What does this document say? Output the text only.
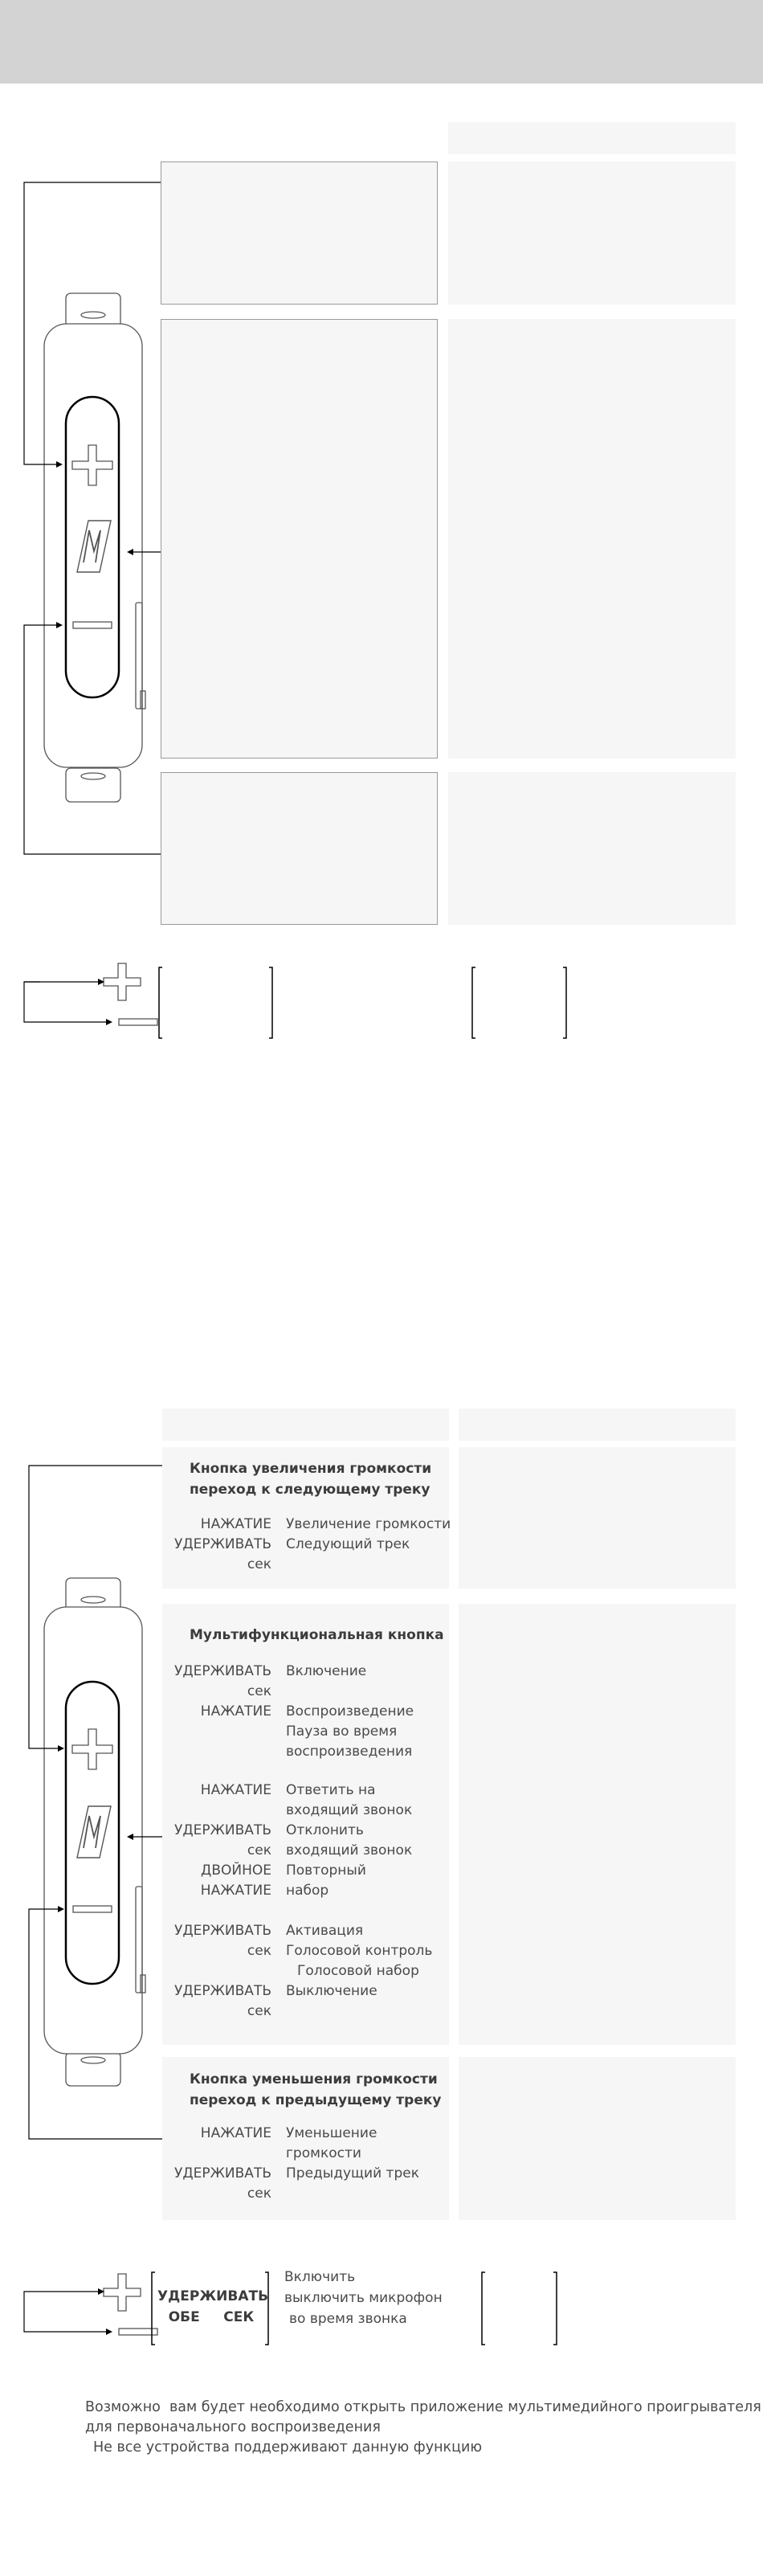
Кнопка увеличения громкости
переход к следующему треку
НАЖАТИЕ Увеличение громкости
УДЕРЖИВАТЬ
сек
Следующий трек
Мультифункциональная кнопка
УДЕРЖИВАТЬ
сек
Включение
НАЖАТИЕ Воспроизведение
Пауза во время
воспроизведения
НАЖАТИЕ Ответить на
входящий звонок
УДЕРЖИВАТЬ
сек
Отклонить
входящий звонок
ДВОЙНОЕ
НАЖАТИЕ
Повторный
набор
УДЕРЖИВАТЬ
сек
Активация
Голосовой контроль
Голосовой набор
УДЕРЖИВАТЬ
сек
Выключение
Кнопка уменьшения громкости
переход к предыдущему треку
НАЖАТИЕ Уменьшение
громкости
УДЕРЖИВАТЬ
сек
Предыдущий трек
УДЕРЖИВАТЬ
ОБЕ     СЕК
Включить
выключить микрофон
во время звонка
Возможно  вам будет необходимо открыть приложение мультимедийного проигрывателя
для первоначального воспроизведения
Не все устройства поддерживают данную функцию
